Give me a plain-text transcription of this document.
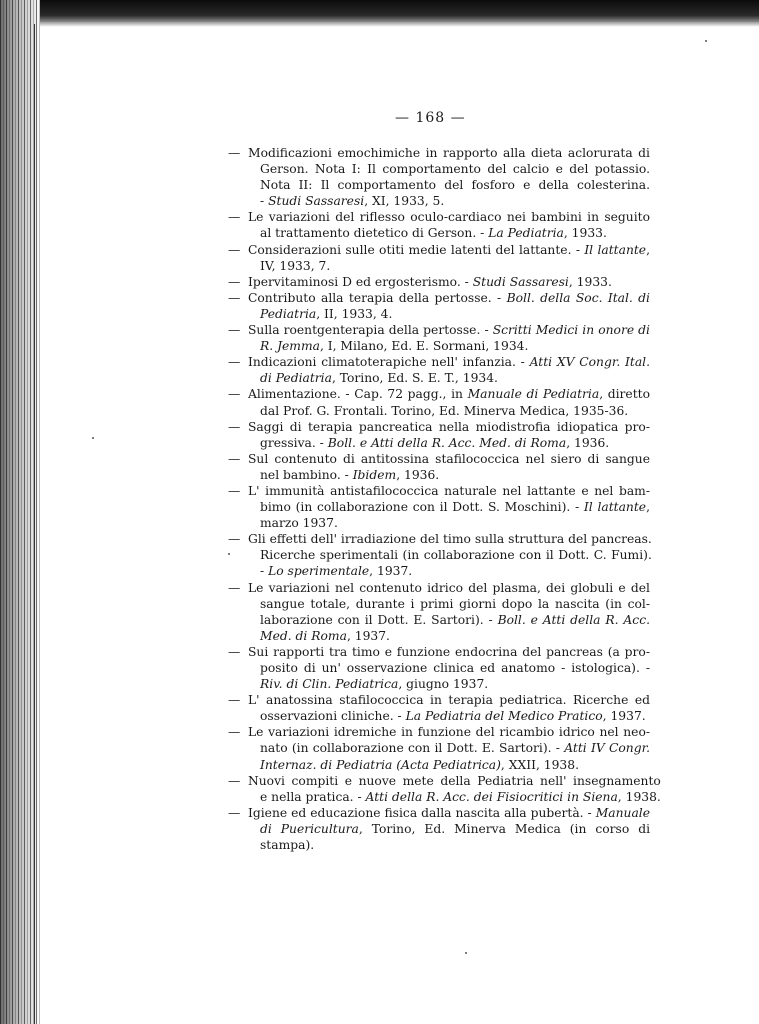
— 168 —
— Modificazioni emochimiche in rapporto alla dieta aclorurata di
Gerson. Nota I: Il comportamento del calcio e del potassio.
Nota II: Il comportamento del fosforo e della colesterina.
- Studi Sassaresi, XI, 1933, 5.
— Le variazioni del riflesso oculo-cardiaco nei bambini in seguito
al trattamento dietetico di Gerson. - La Pediatria, 1933.
— Considerazioni sulle otiti medie latenti del lattante. - Il lattante,
IV, 1933, 7.
— Ipervitaminosi D ed ergosterismo. - Studi Sassaresi, 1933.
— Contributo alla terapia della pertosse. - Boll. della Soc. Ital. di
Pediatria, II, 1933, 4.
— Sulla roentgenterapia della pertosse. - Scritti Medici in onore di
R. Jemma, I, Milano, Ed. E. Sormani, 1934.
— Indicazioni climatoterapiche nell' infanzia. - Atti XV Congr. Ital.
di Pediatria, Torino, Ed. S. E. T., 1934.
— Alimentazione. - Cap. 72 pagg., in Manuale di Pediatria, diretto
dal Prof. G. Frontali. Torino, Ed. Minerva Medica, 1935-36.
— Saggi di terapia pancreatica nella miodistrofia idiopatica pro-
gressiva. - Boll. e Atti della R. Acc. Med. di Roma, 1936.
— Sul contenuto di antitossina stafilococcica nel siero di sangue
nel bambino. - Ibidem, 1936.
— L' immunità antistafilococcica naturale nel lattante e nel bam-
bimo (in collaborazione con il Dott. S. Moschini). - Il lattante,
marzo 1937.
— Gli effetti dell' irradiazione del timo sulla struttura del pancreas.
Ricerche sperimentali (in collaborazione con il Dott. C. Fumi).
- Lo sperimentale, 1937.
— Le variazioni nel contenuto idrico del plasma, dei globuli e del
sangue totale, durante i primi giorni dopo la nascita (in col-
laborazione con il Dott. E. Sartori). - Boll. e Atti della R. Acc.
Med. di Roma, 1937.
— Sui rapporti tra timo e funzione endocrina del pancreas (a pro-
posito di un' osservazione clinica ed anatomo - istologica). -
Riv. di Clin. Pediatrica, giugno 1937.
— L' anatossina stafilococcica in terapia pediatrica. Ricerche ed
osservazioni cliniche. - La Pediatria del Medico Pratico, 1937.
— Le variazioni idremiche in funzione del ricambio idrico nel neo-
nato (in collaborazione con il Dott. E. Sartori). - Atti IV Congr.
Internaz. di Pediatria (Acta Pediatrica), XXII, 1938.
— Nuovi compiti e nuove mete della Pediatria nell' insegnamento
e nella pratica. - Atti della R. Acc. dei Fisiocritici in Siena, 1938.
— Igiene ed educazione fisica dalla nascita alla pubertà. - Manuale
di Puericultura, Torino, Ed. Minerva Medica (in corso di
stampa).
